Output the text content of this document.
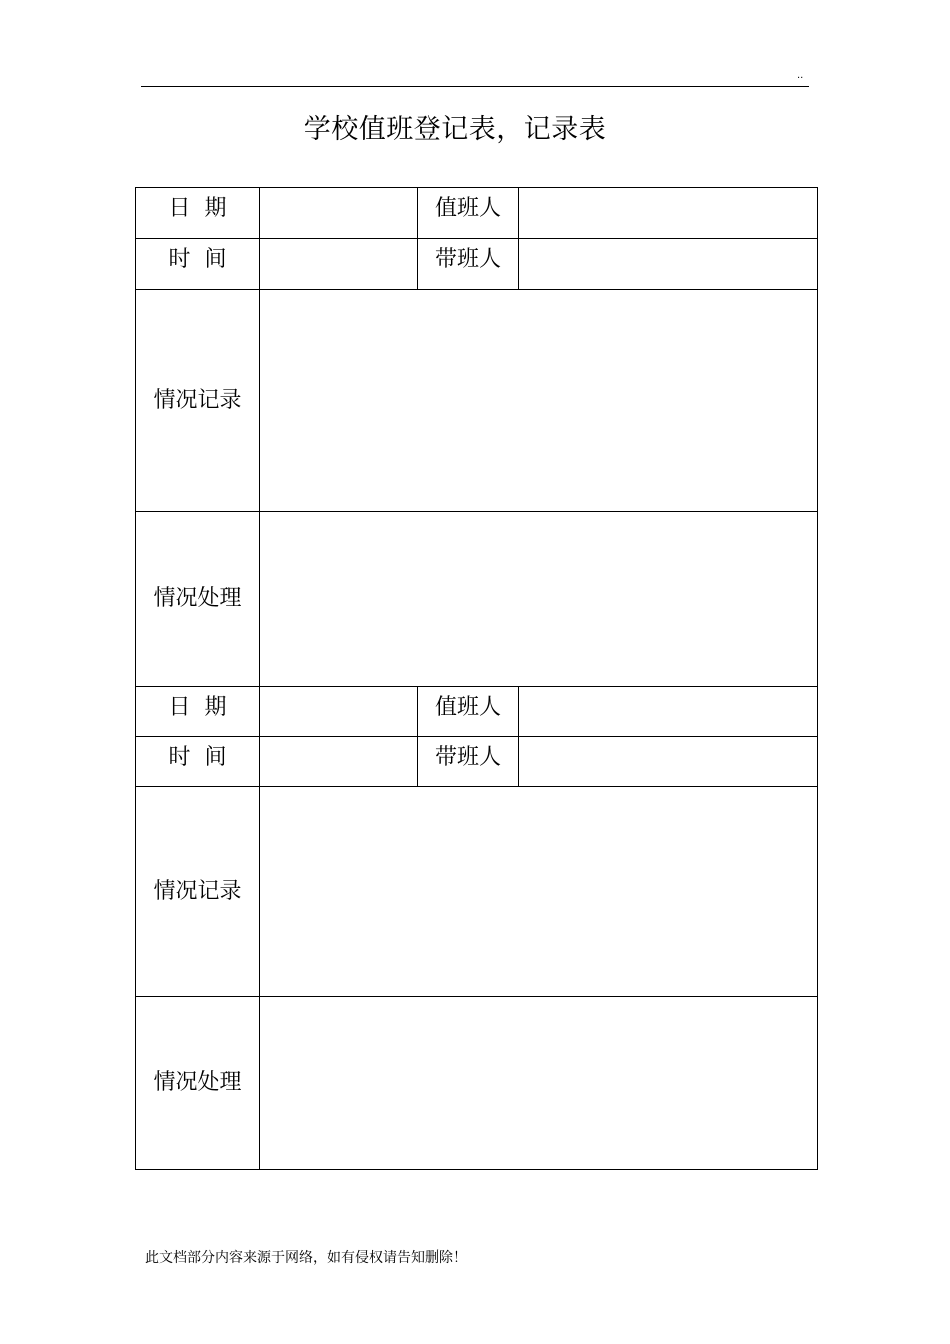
..
学校值班登记表，记录表
日  期		值班人	
时  间		带班人	
情况记录			
情况处理			
日  期		值班人	
时  间		带班人	
情况记录			
情况处理			
此文档部分内容来源于网络，如有侵权请告知删除！
